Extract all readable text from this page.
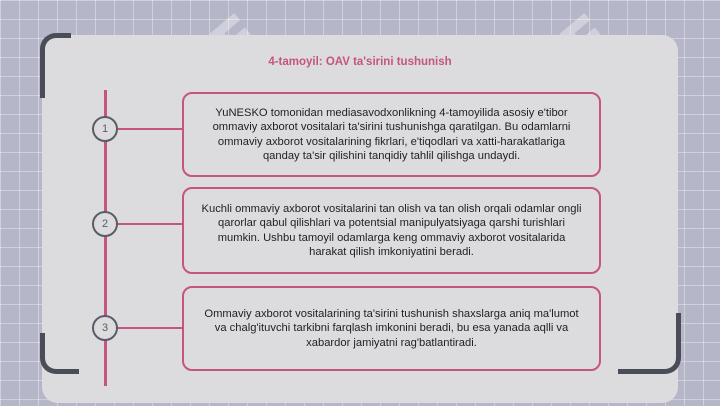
4-tamoyil: OAV ta'sirini tushunish
1
YuNESKO tomonidan mediasavodxonlikning 4-tamoyilida asosiy e'tibor ommaviy axborot vositalari ta'sirini tushunishga qaratilgan. Bu odamlarni ommaviy axborot vositalarining fikrlari, e'tiqodlari va xatti-harakatlariga qanday ta'sir qilishini tanqidiy tahlil qilishga undaydi.
2
Kuchli ommaviy axborot vositalarini tan olish va tan olish orqali odamlar ongli qarorlar qabul qilishlari va potentsial manipulyatsiyaga qarshi turishlari mumkin. Ushbu tamoyil odamlarga keng ommaviy axborot vositalarida harakat qilish imkoniyatini beradi.
3
Ommaviy axborot vositalarining ta'sirini tushunish shaxslarga aniq ma'lumot va chalg'ituvchi tarkibni farqlash imkonini beradi, bu esa yanada aqlli va xabardor jamiyatni rag'batlantiradi.
